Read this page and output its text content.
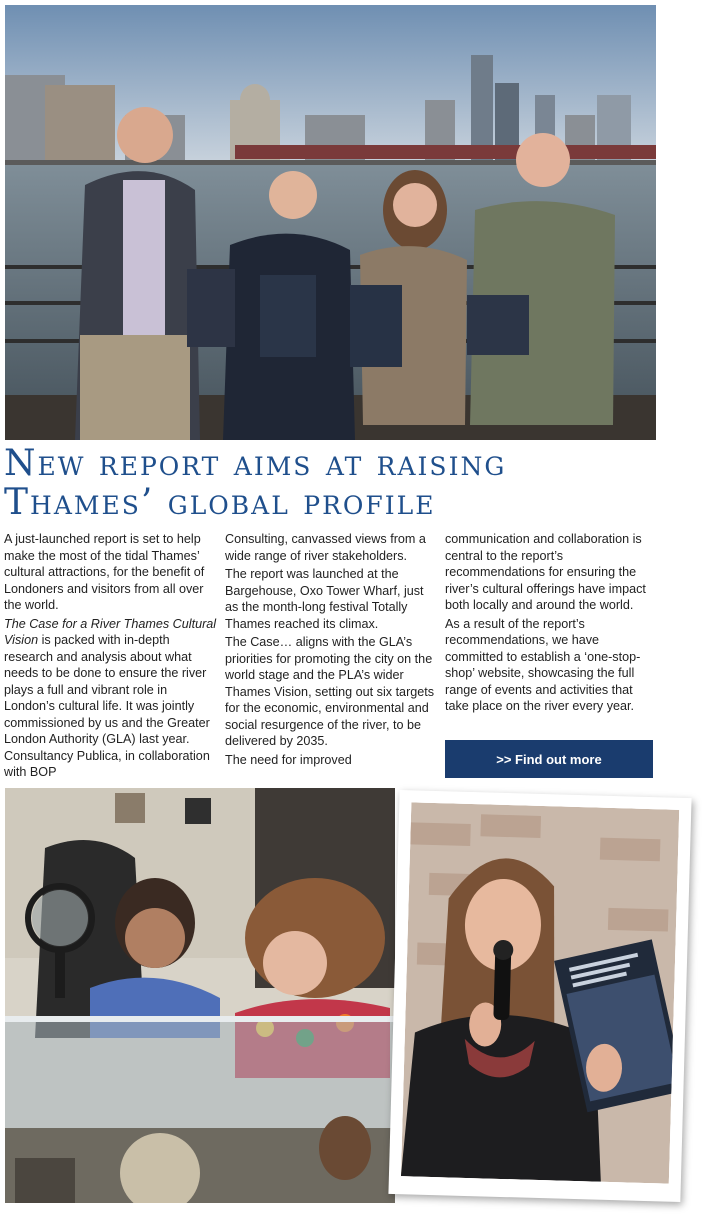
New report aims at raising
Thames’ global profile

A just-launched report is set to help make the most of the tidal Thames’ cultural attractions, for the benefit of Londoners and visitors from all over the world.

The Case for a River Thames Cultural Vision is packed with in-depth research and analysis about what needs to be done to ensure the river plays a full and vibrant role in London’s cultural life. It was jointly commissioned by us and the Greater London Authority (GLA) last year. Consultancy Publica, in collaboration with BOP

Consulting, canvassed views from a wide range of river stakeholders.

The report was launched at the Bargehouse, Oxo Tower Wharf, just as the month-long festival Totally Thames reached its climax.

The Case… aligns with the GLA’s priorities for promoting the city on the world stage and the PLA’s wider Thames Vision, setting out six targets for the economic, environmental and social resurgence of the river, to be delivered by 2035.

The need for improved

communication and collaboration is central to the report’s recommendations for ensuring the river’s cultural offerings have impact both locally and around the world.

As a result of the report’s recommendations, we have committed to establish a ‘one-stop-shop’ website, showcasing the full range of events and activities that take place on the river every year.

>> Find out more
